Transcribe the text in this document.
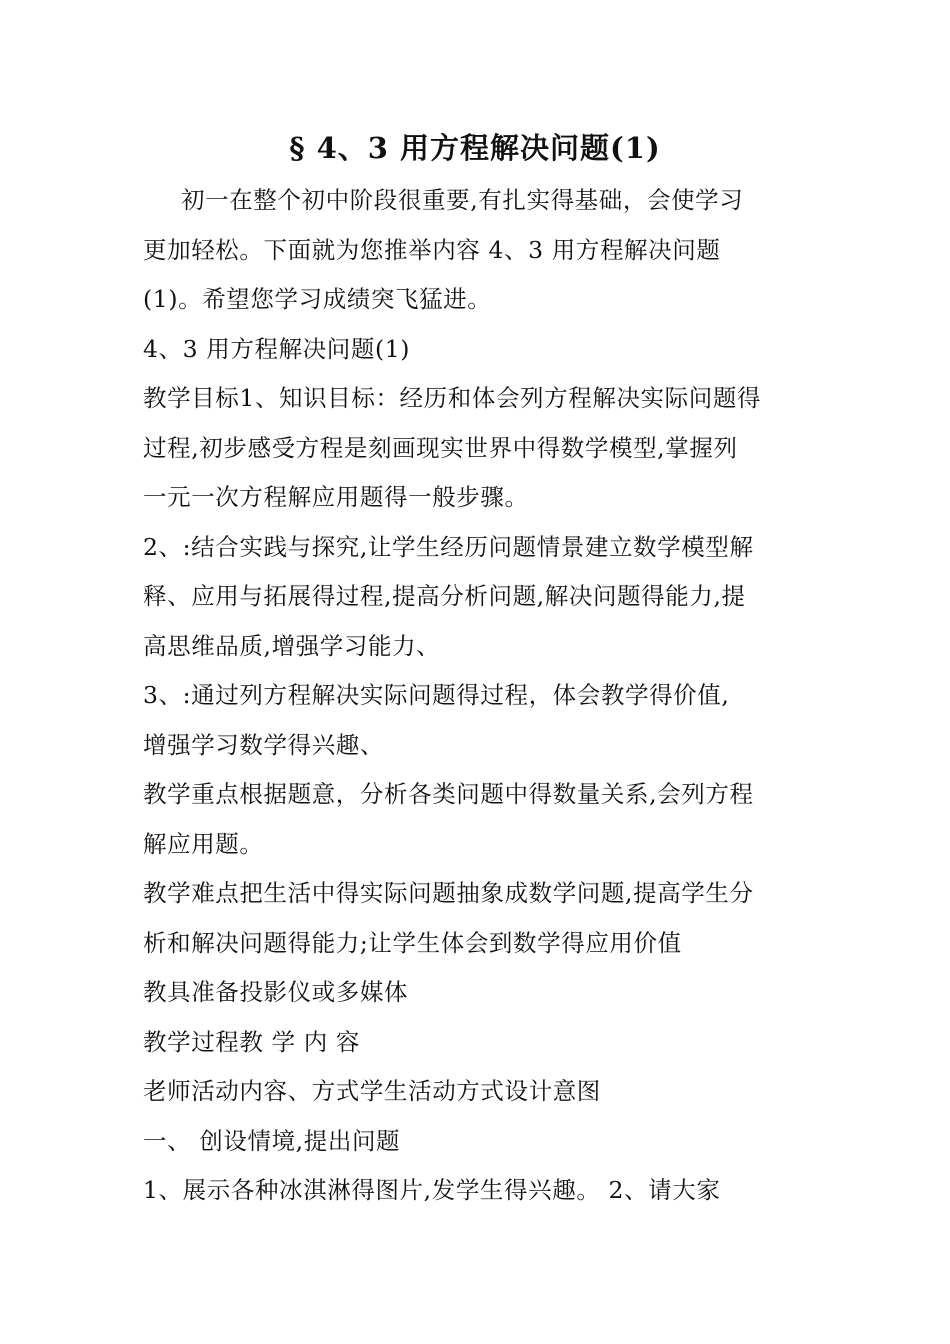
§ 4、3 用方程解决问题(1)
初一在整个初中阶段很重要,有扎实得基础，会使学习
更加轻松。下面就为您推举内容 4、3 用方程解决问题
(1)。希望您学习成绩突飞猛进。
4、3 用方程解决问题(1)
教学目标1、知识目标：经历和体会列方程解决实际问题得
过程,初步感受方程是刻画现实世界中得数学模型,掌握列
一元一次方程解应用题得一般步骤。
2、:结合实践与探究,让学生经历问题情景建立数学模型解
释、应用与拓展得过程,提高分析问题,解决问题得能力,提
高思维品质,增强学习能力、
3、:通过列方程解决实际问题得过程，体会教学得价值,
增强学习数学得兴趣、
教学重点根据题意，分析各类问题中得数量关系,会列方程
解应用题。
教学难点把生活中得实际问题抽象成数学问题,提高学生分
析和解决问题得能力;让学生体会到数学得应用价值
教具准备投影仪或多媒体
教学过程教 学 内 容
老师活动内容、方式学生活动方式设计意图
一、 创设情境,提出问题
1、展示各种冰淇淋得图片,发学生得兴趣。 2、请大家
